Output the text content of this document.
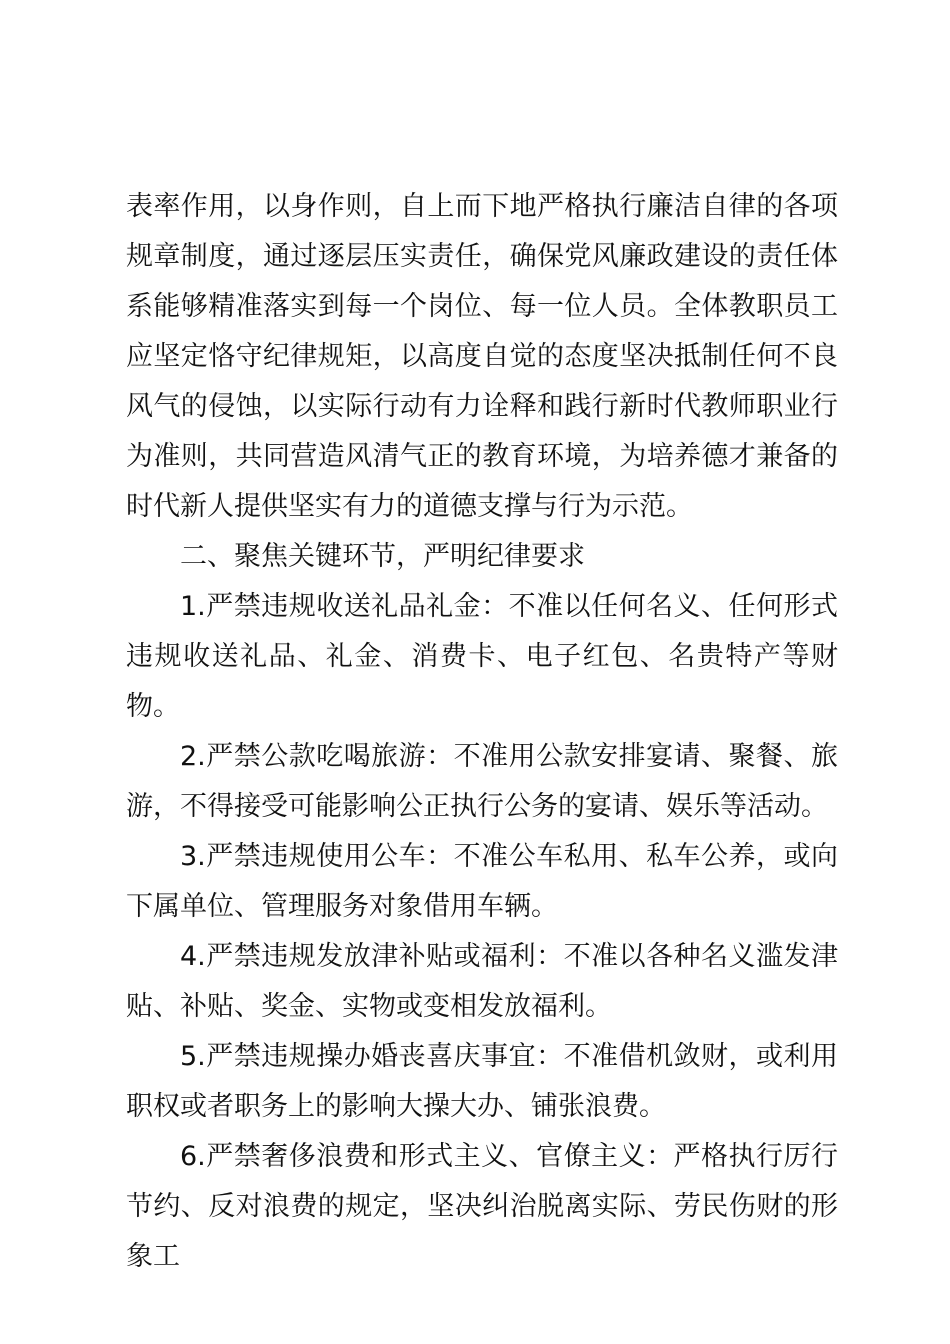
表率作用，以身作则，自上而下地严格执行廉洁自律的各项规章制度，通过逐层压实责任，确保党风廉政建设的责任体系能够精准落实到每一个岗位、每一位人员。全体教职员工应坚定恪守纪律规矩，以高度自觉的态度坚决抵制任何不良风气的侵蚀，以实际行动有力诠释和践行新时代教师职业行为准则，共同营造风清气正的教育环境，为培养德才兼备的时代新人提供坚实有力的道德支撑与行为示范。

二、聚焦关键环节，严明纪律要求

1.严禁违规收送礼品礼金：不准以任何名义、任何形式违规收送礼品、礼金、消费卡、电子红包、名贵特产等财物。

2.严禁公款吃喝旅游：不准用公款安排宴请、聚餐、旅游，不得接受可能影响公正执行公务的宴请、娱乐等活动。

3.严禁违规使用公车：不准公车私用、私车公养，或向下属单位、管理服务对象借用车辆。

4.严禁违规发放津补贴或福利：不准以各种名义滥发津贴、补贴、奖金、实物或变相发放福利。

5.严禁违规操办婚丧喜庆事宜：不准借机敛财，或利用职权或者职务上的影响大操大办、铺张浪费。

6.严禁奢侈浪费和形式主义、官僚主义：严格执行厉行节约、反对浪费的规定，坚决纠治脱离实际、劳民伤财的形象工
